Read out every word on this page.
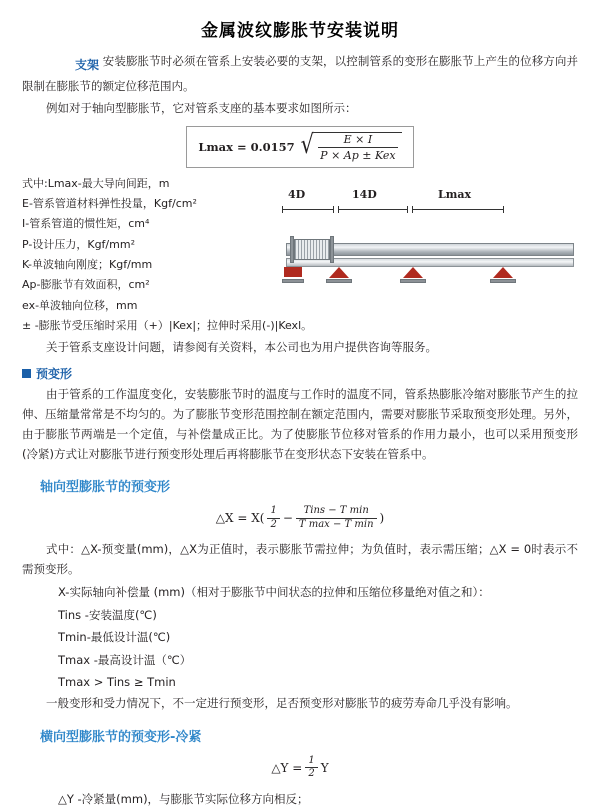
金属波纹膨胀节安装说明

支架 安装膨胀节时必须在管系上安装必要的支架，以控制管系的变形在膨胀节上产生的位移方向并限制在膨胀节的额定位移范围内。

例如对于轴向型膨胀节，它对管系支座的基本要求如图所示：

Lmax = 0.0157 √ $\frac{E \times I}{\text{P × Ap ± Kex}}$
式中:Lmax-最大导向间距，m
E-管系管道材料弹性投量，Kgf/cm²
I-管系管道的惯性矩，cm⁴
P-设计压力，Kgf/mm²
K-单波轴向刚度；Kgf/mm
Ap-膨胀节有效面积，cm²
ex-单波轴向位移，mm
± -膨胀节受压缩时采用（+）|Kex|；拉伸时采用(-)|Kexl。
4D	14D	Lmax

关于管系支座设计问题，请参阅有关资料，本公司也为用户提供咨询等服务。

预变形

由于管系的工作温度变化，安装膨胀节时的温度与工作时的温度不同，管系热膨胀冷缩对膨胀节产生的拉伸、压缩量常常是不均匀的。为了膨胀节变形范围控制在额定范围内，需要对膨胀节采取预变形处理。另外，由于膨胀节两端是一个定值，与补偿量成正比。为了使膨胀节位移对管系的作用力最小，也可以采用预变形(冷紧)方式让对膨胀节进行预变形处理后再将膨胀节在变形状态下安装在管系中。

轴向型膨胀节的预变形
△X = $X( \frac{1}{2} - \frac{\text{Tins − T min}}{\text{T max − T min}}$ )

式中：△X-预变量(mm)，△X为正值时，表示膨胀节需拉伸；为负值时，表示需压缩；△X = 0时表示不需预变形。

X-实际轴向补偿量 (mm)（相对于膨胀节中间状态的拉伸和压缩位移量绝对值之和）：
Tins -安装温度(℃)
Tmin-最低设计温(℃)
Tmax -最高设计温（℃）
Tmax > Tins ≥ Tmin

一般变形和受力情况下，不一定进行预变形，足否预变形对膨胀节的疲劳寿命几乎没有影响。

横向型膨胀节的预变形-冷紧
△Y = $\frac{1}{2}$ Y

△Y -冷紧量(mm)，与膨胀节实际位移方向相反；
